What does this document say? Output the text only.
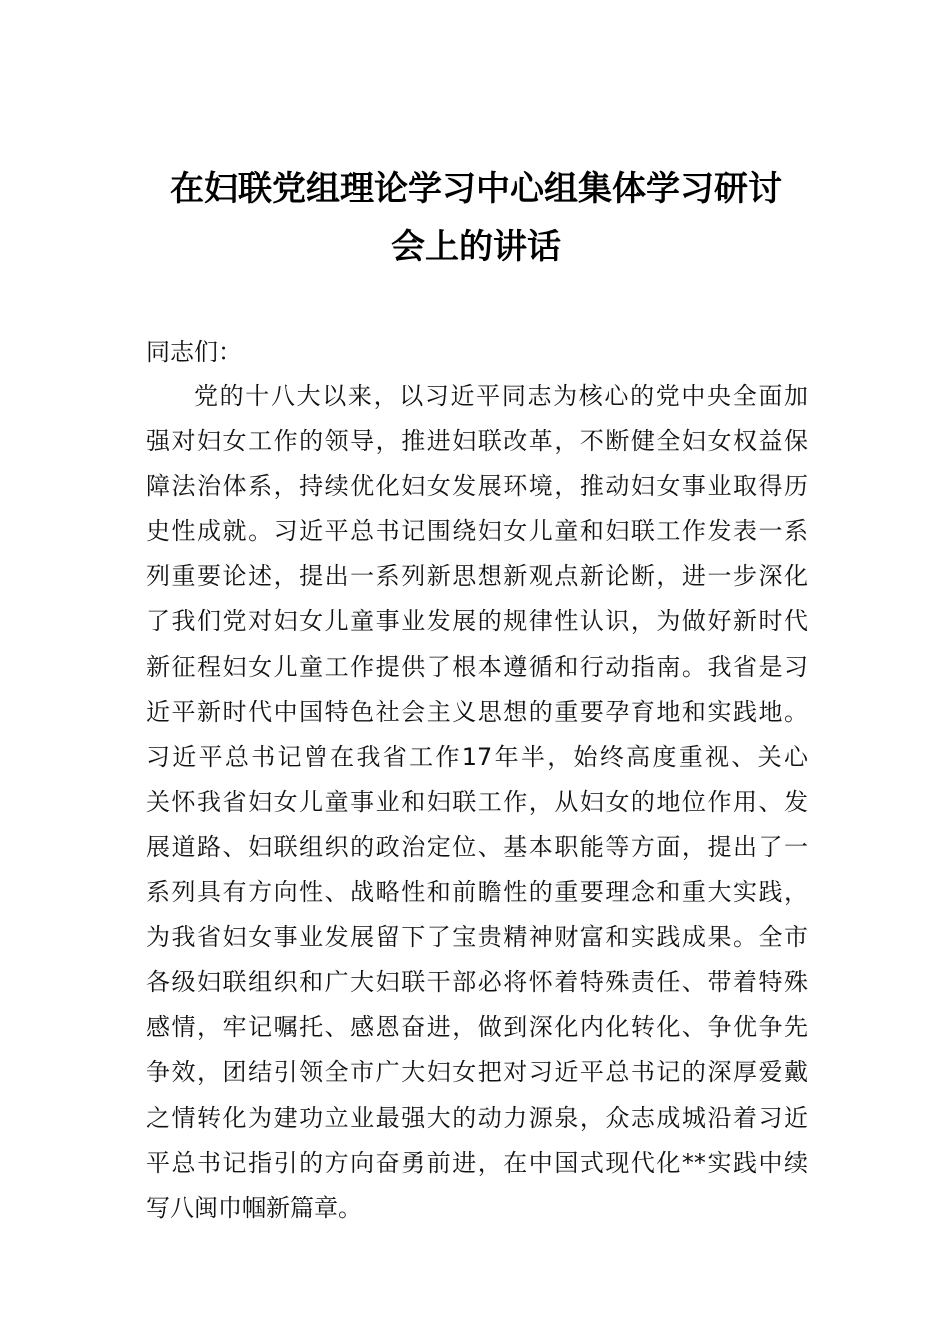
在妇联党组理论学习中心组集体学习研讨
会上的讲话

同志们：

党的十八大以来，以习近平同志为核心的党中央全面加
强对妇女工作的领导，推进妇联改革，不断健全妇女权益保
障法治体系，持续优化妇女发展环境，推动妇女事业取得历
史性成就。习近平总书记围绕妇女儿童和妇联工作发表一系
列重要论述，提出一系列新思想新观点新论断，进一步深化
了我们党对妇女儿童事业发展的规律性认识，为做好新时代
新征程妇女儿童工作提供了根本遵循和行动指南。我省是习
近平新时代中国特色社会主义思想的重要孕育地和实践地。
习近平总书记曾在我省工作17年半，始终高度重视、关心
关怀我省妇女儿童事业和妇联工作，从妇女的地位作用、发
展道路、妇联组织的政治定位、基本职能等方面，提出了一
系列具有方向性、战略性和前瞻性的重要理念和重大实践，
为我省妇女事业发展留下了宝贵精神财富和实践成果。全市
各级妇联组织和广大妇联干部必将怀着特殊责任、带着特殊
感情，牢记嘱托、感恩奋进，做到深化内化转化、争优争先
争效，团结引领全市广大妇女把对习近平总书记的深厚爱戴
之情转化为建功立业最强大的动力源泉，众志成城沿着习近
平总书记指引的方向奋勇前进，在中国式现代化**实践中续
写八闽巾帼新篇章。
